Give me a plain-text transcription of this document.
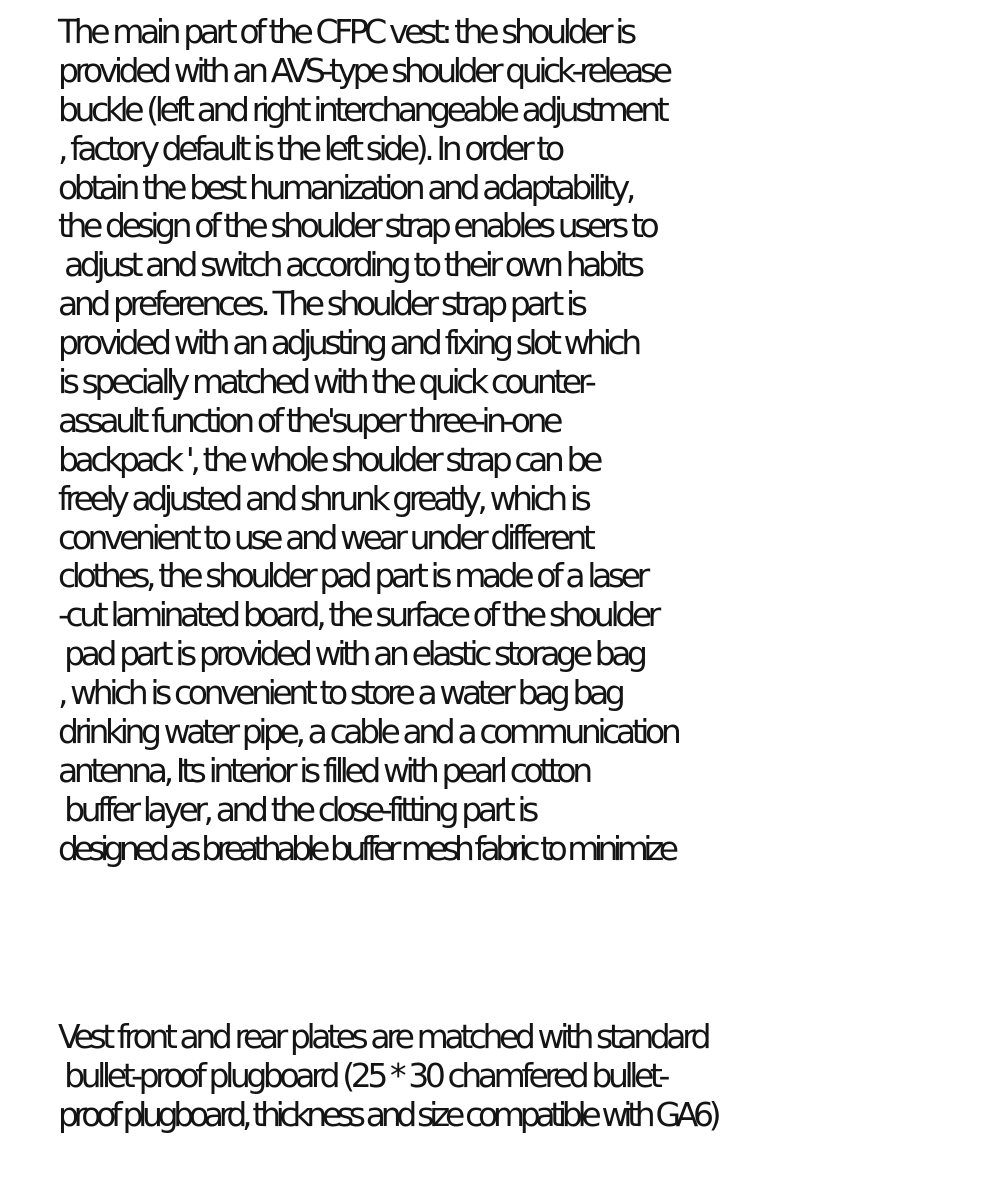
The main part of the CFPC vest: the shoulder is
provided with an AVS-type shoulder quick-release
buckle (left and right interchangeable adjustment
, factory default is the left side). In order to
obtain the best humanization and adaptability,
the design of the shoulder strap enables users to
adjust and switch according to their own habits
and preferences. The shoulder strap part is
provided with an adjusting and fixing slot which
is specially matched with the quick counter-
assault function of the'super three-in-one
backpack ', the whole shoulder strap can be
freely adjusted and shrunk greatly, which is
convenient to use and wear under different
clothes, the shoulder pad part is made of a laser
-cut laminated board, the surface of the shoulder
pad part is provided with an elastic storage bag
, which is convenient to store a water bag bag
drinking water pipe, a cable and a communication
antenna, Its interior is filled with pearl cotton
buffer layer, and the close-fitting part is
designed as breathable buffer mesh fabric to minimize
Vest front and rear plates are matched with standard
bullet-proof plugboard (25 * 30 chamfered bullet-
proof plugboard, thickness and size compatible with GA6)
